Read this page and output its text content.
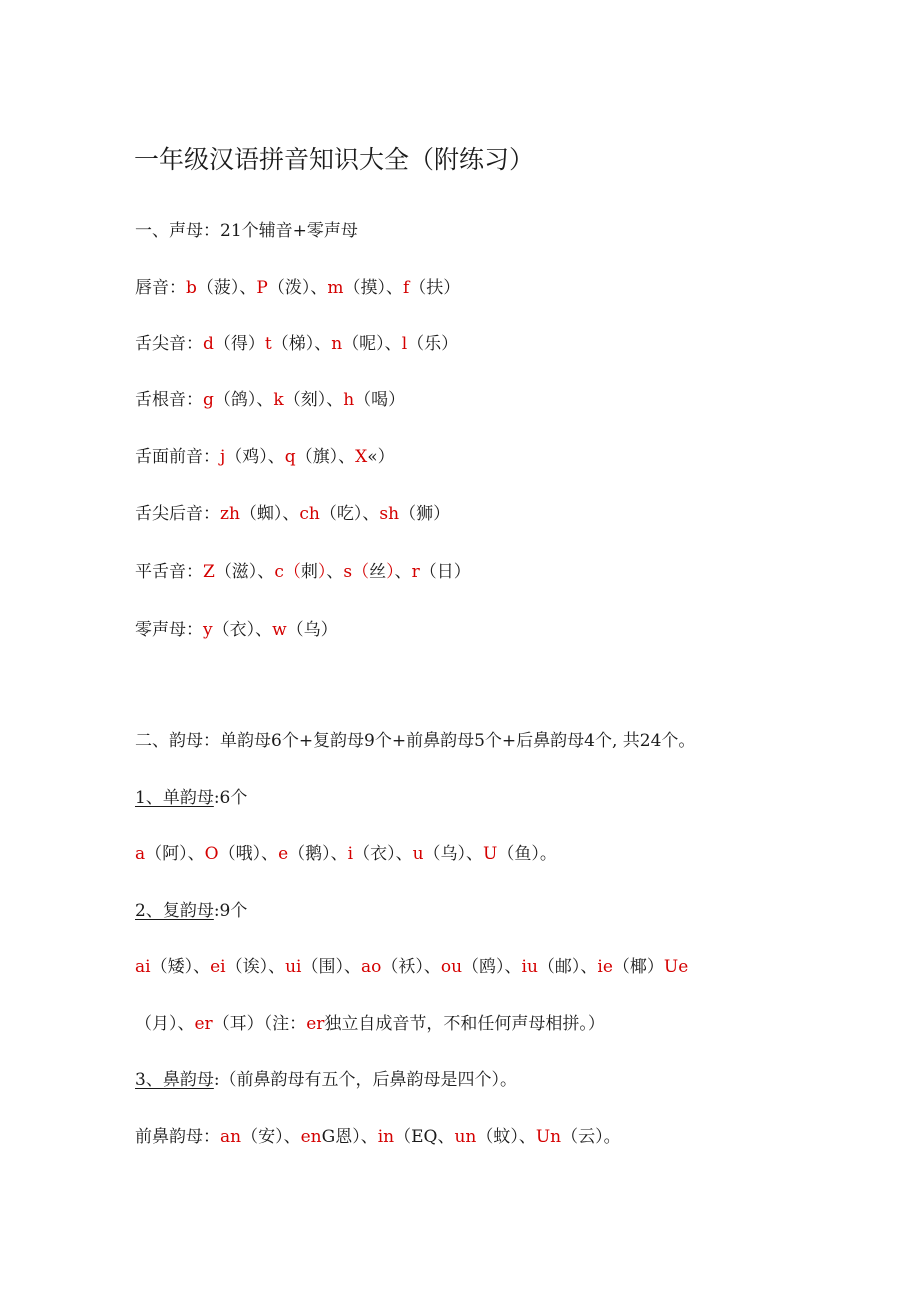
一年级汉语拼音知识大全（附练习）
一、声母：21个辅音+零声母
唇音：b（菠）、P（泼）、m（摸）、f（扶）
舌尖音：d（得）t（梯）、n（呢）、l（乐）
舌根音：g（鸽）、k（刻）、h（喝）
舌面前音：j（鸡）、q（旗）、X«）
舌尖后音：zh（蜘）、ch（吃）、sh（狮）
平舌音：Z（滋）、c（刺）、s（丝）、r（日）
零声母：y（衣）、w（乌）
二、韵母：单韵母6个+复韵母9个+前鼻韵母5个+后鼻韵母4个, 共24个。
1、单韵母:6个
a（阿）、O（哦）、e（鹅）、i（衣）、u（乌）、U（鱼）。
2、复韵母:9个
ai（矮）、ei（诶）、ui（围）、ao（袄）、ou（鸥）、iu（邮）、ie（椰）Ue
（月）、er（耳）（注：er独立自成音节，不和任何声母相拼。）
3、鼻韵母:（前鼻韵母有五个，后鼻韵母是四个）。
前鼻韵母：an（安）、enG恩）、in（EQ、un（蚊）、Un（云）。
